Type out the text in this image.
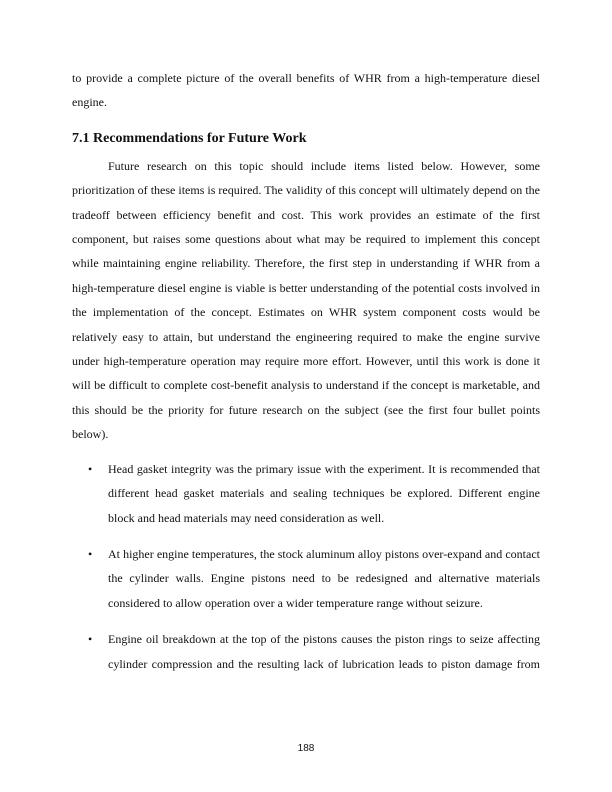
to provide a complete picture of the overall benefits of WHR from a high-temperature diesel engine.

7.1 Recommendations for Future Work

Future research on this topic should include items listed below. However, some prioritization of these items is required. The validity of this concept will ultimately depend on the tradeoff between efficiency benefit and cost. This work provides an estimate of the first component, but raises some questions about what may be required to implement this concept while maintaining engine reliability. Therefore, the first step in understanding if WHR from a high-temperature diesel engine is viable is better understanding of the potential costs involved in the implementation of the concept. Estimates on WHR system component costs would be relatively easy to attain, but understand the engineering required to make the engine survive under high-temperature operation may require more effort. However, until this work is done it will be difficult to complete cost-benefit analysis to understand if the concept is marketable, and this should be the priority for future research on the subject (see the first four bullet points below).

• Head gasket integrity was the primary issue with the experiment. It is recommended that different head gasket materials and sealing techniques be explored. Different engine block and head materials may need consideration as well.

• At higher engine temperatures, the stock aluminum alloy pistons over-expand and contact the cylinder walls. Engine pistons need to be redesigned and alternative materials considered to allow operation over a wider temperature range without seizure.

• Engine oil breakdown at the top of the pistons causes the piston rings to seize affecting cylinder compression and the resulting lack of lubrication leads to piston damage from

188
